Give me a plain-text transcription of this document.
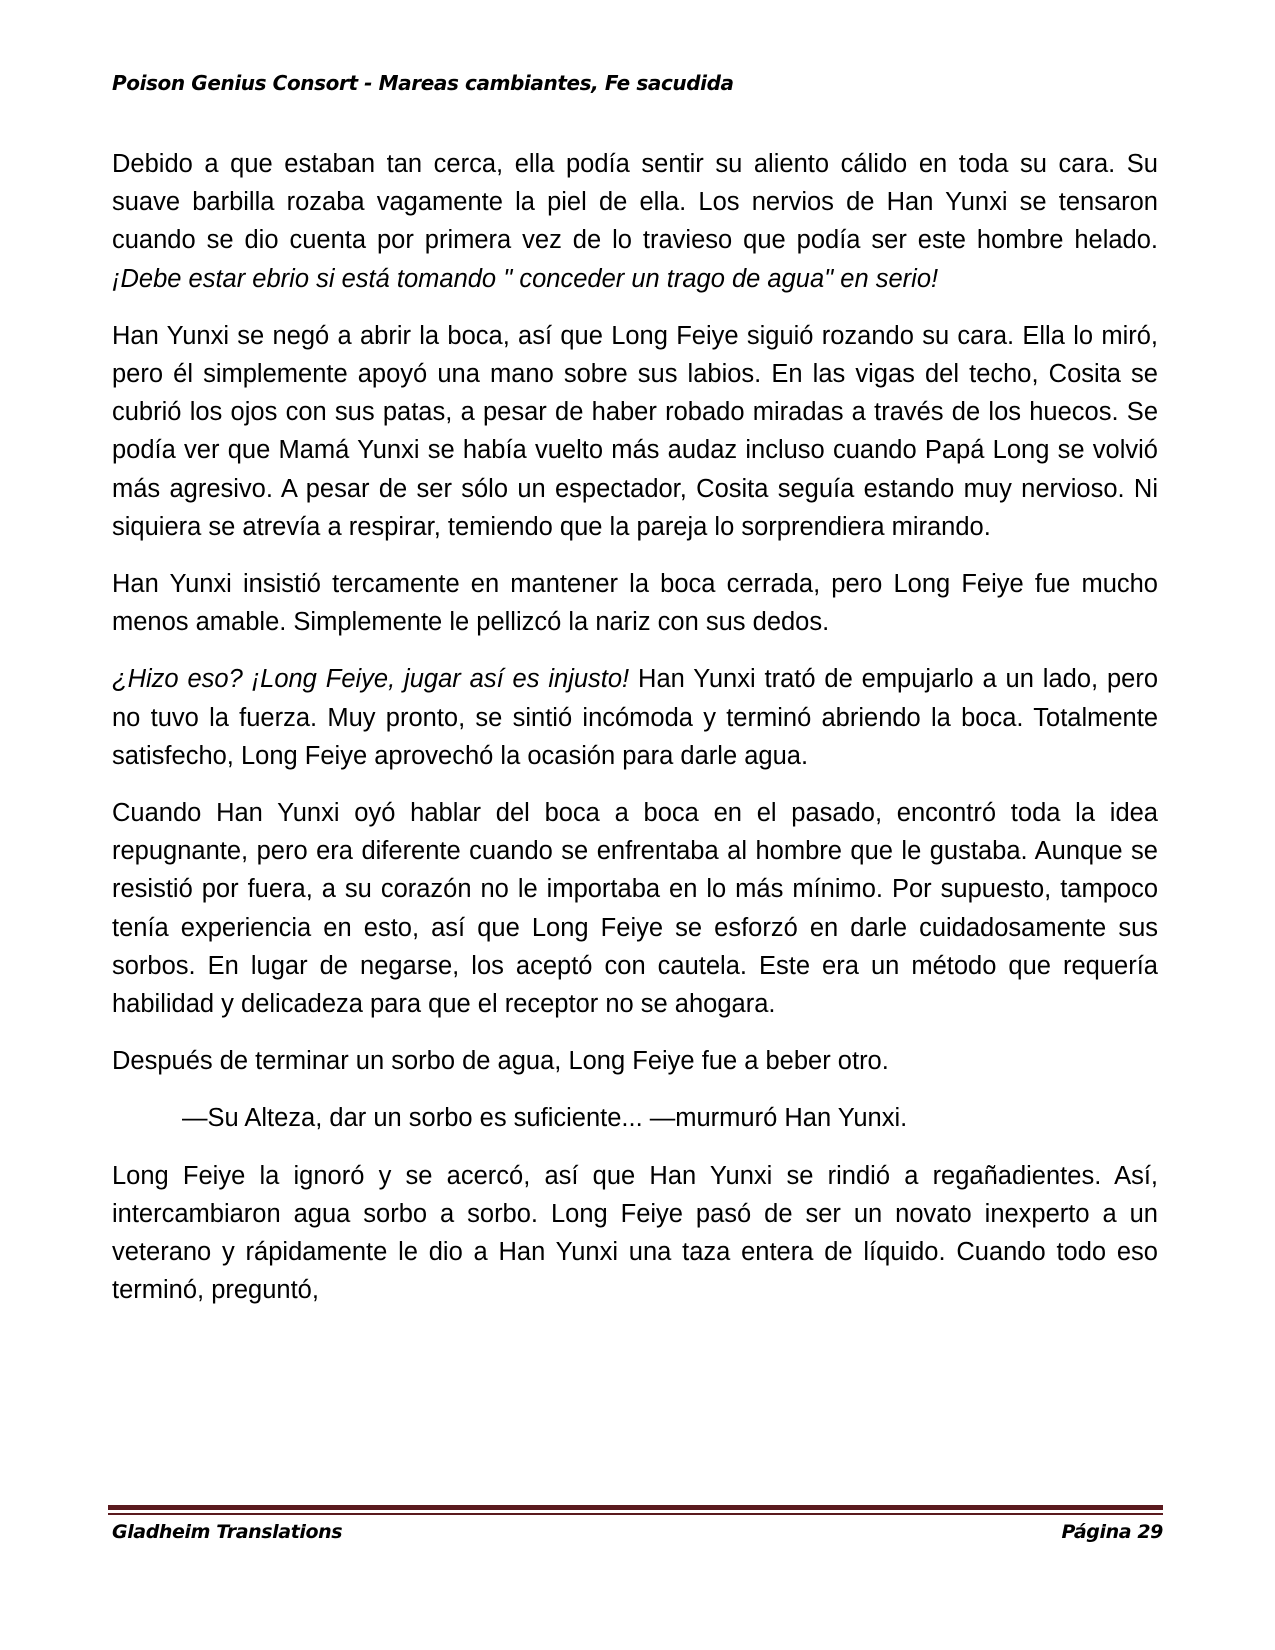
Poison Genius Consort - Mareas cambiantes, Fe sacudida

Debido a que estaban tan cerca, ella podía sentir su aliento cálido en toda su cara. Su suave barbilla rozaba vagamente la piel de ella. Los nervios de Han Yunxi se tensaron cuando se dio cuenta por primera vez de lo travieso que podía ser este hombre helado. ¡Debe estar ebrio si está tomando " conceder un trago de agua" en serio!

Han Yunxi se negó a abrir la boca, así que Long Feiye siguió rozando su cara. Ella lo miró, pero él simplemente apoyó una mano sobre sus labios. En las vigas del techo, Cosita se cubrió los ojos con sus patas, a pesar de haber robado miradas a través de los huecos. Se podía ver que Mamá Yunxi se había vuelto más audaz incluso cuando Papá Long se volvió más agresivo. A pesar de ser sólo un espectador, Cosita seguía estando muy nervioso. Ni siquiera se atrevía a respirar, temiendo que la pareja lo sorprendiera mirando.

Han Yunxi insistió tercamente en mantener la boca cerrada, pero Long Feiye fue mucho menos amable. Simplemente le pellizcó la nariz con sus dedos.

¿Hizo eso? ¡Long Feiye, jugar así es injusto! Han Yunxi trató de empujarlo a un lado, pero no tuvo la fuerza. Muy pronto, se sintió incómoda y terminó abriendo la boca. Totalmente satisfecho, Long Feiye aprovechó la ocasión para darle agua.

Cuando Han Yunxi oyó hablar del boca a boca en el pasado, encontró toda la idea repugnante, pero era diferente cuando se enfrentaba al hombre que le gustaba. Aunque se resistió por fuera, a su corazón no le importaba en lo más mínimo. Por supuesto, tampoco tenía experiencia en esto, así que Long Feiye se esforzó en darle cuidadosamente sus sorbos. En lugar de negarse, los aceptó con cautela. Este era un método que requería habilidad y delicadeza para que el receptor no se ahogara.

Después de terminar un sorbo de agua, Long Feiye fue a beber otro.

—Su Alteza, dar un sorbo es suficiente... —murmuró Han Yunxi.

Long Feiye la ignoró y se acercó, así que Han Yunxi se rindió a regañadientes. Así, intercambiaron agua sorbo a sorbo. Long Feiye pasó de ser un novato inexperto a un veterano y rápidamente le dio a Han Yunxi una taza entera de líquido. Cuando todo eso terminó, preguntó,

Gladheim Translations	Página 29
